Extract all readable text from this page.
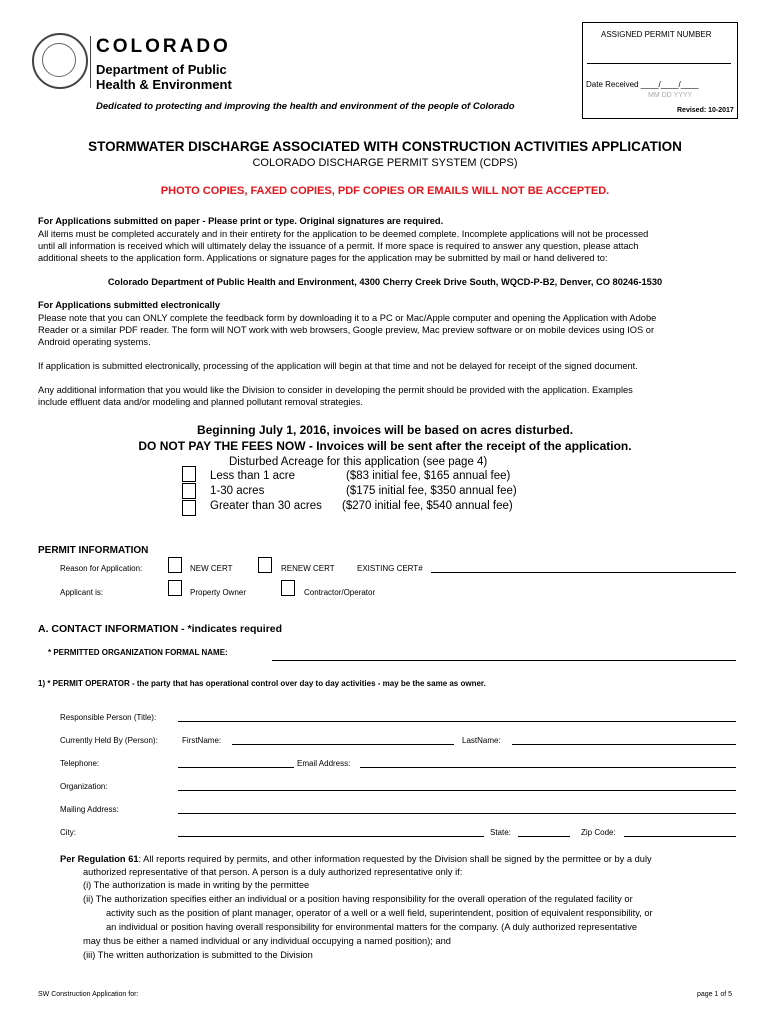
COLORADO
Department of Public
Health & Environment
Dedicated to protecting and improving the health and environment of the people of Colorado
ASSIGNED PERMIT NUMBER
Date Received ____/____/____
MM DD YYYY
Revised: 10-2017
STORMWATER DISCHARGE ASSOCIATED WITH CONSTRUCTION ACTIVITIES APPLICATION
COLORADO DISCHARGE PERMIT SYSTEM (CDPS)
PHOTO COPIES, FAXED COPIES, PDF COPIES OR EMAILS WILL NOT BE ACCEPTED.
For Applications submitted on paper - Please print or type. Original signatures are required.
All items must be completed accurately and in their entirety for the application to be deemed complete. Incomplete applications will not be processed
until all information is received which will ultimately delay the issuance of a permit. If more space is required to answer any question, please attach
additional sheets to the application form. Applications or signature pages for the application may be submitted by mail or hand delivered to:
Colorado Department of Public Health and Environment, 4300 Cherry Creek Drive South, WQCD-P-B2, Denver, CO 80246-1530
For Applications submitted electronically
Please note that you can ONLY complete the feedback form by downloading it to a PC or Mac/Apple computer and opening the Application with Adobe
Reader or a similar PDF reader. The form will NOT work with web browsers, Google preview, Mac preview software or on mobile devices using IOS or
Android operating systems.
If application is submitted electronically, processing of the application will begin at that time and not be delayed for receipt of the signed document.
Any additional information that you would like the Division to consider in developing the permit should be provided with the application. Examples
include effluent data and/or modeling and planned pollutant removal strategies.
Beginning July 1, 2016, invoices will be based on acres disturbed.
DO NOT PAY THE FEES NOW - Invoices will be sent after the receipt of the application.
Disturbed Acreage for this application (see page 4)
Less than 1 acre	($83 initial fee, $165 annual fee)
1-30 acres	($175 initial fee, $350 annual fee)
Greater than 30 acres ($270 initial fee, $540 annual fee)
PERMIT INFORMATION
Reason for Application:	NEW CERT	RENEW CERT	EXISTING CERT#
Applicant is:	Property Owner	Contractor/Operator
A. CONTACT INFORMATION - *indicates required
* PERMITTED ORGANIZATION FORMAL NAME:
1) * PERMIT OPERATOR - the party that has operational control over day to day activities - may be the same as owner.
Responsible Person (Title):
Currently Held By (Person):	FirstName:	LastName:
Telephone:	Email Address:
Organization:
Mailing Address:
City:	State:	Zip Code:
Per Regulation 61: All reports required by permits, and other information requested by the Division shall be signed by the permittee or by a duly
authorized representative of that person. A person is a duly authorized representative only if:
(i) The authorization is made in writing by the permittee
(ii) The authorization specifies either an individual or a position having responsibility for the overall operation of the regulated facility or
activity such as the position of plant manager, operator of a well or a well field, superintendent, position of equivalent responsibility, or
an individual or position having overall responsibility for environmental matters for the company. (A duly authorized representative
may thus be either a named individual or any individual occupying a named position); and
(iii) The written authorization is submitted to the Division
SW Construction Application for:	page 1 of 5
